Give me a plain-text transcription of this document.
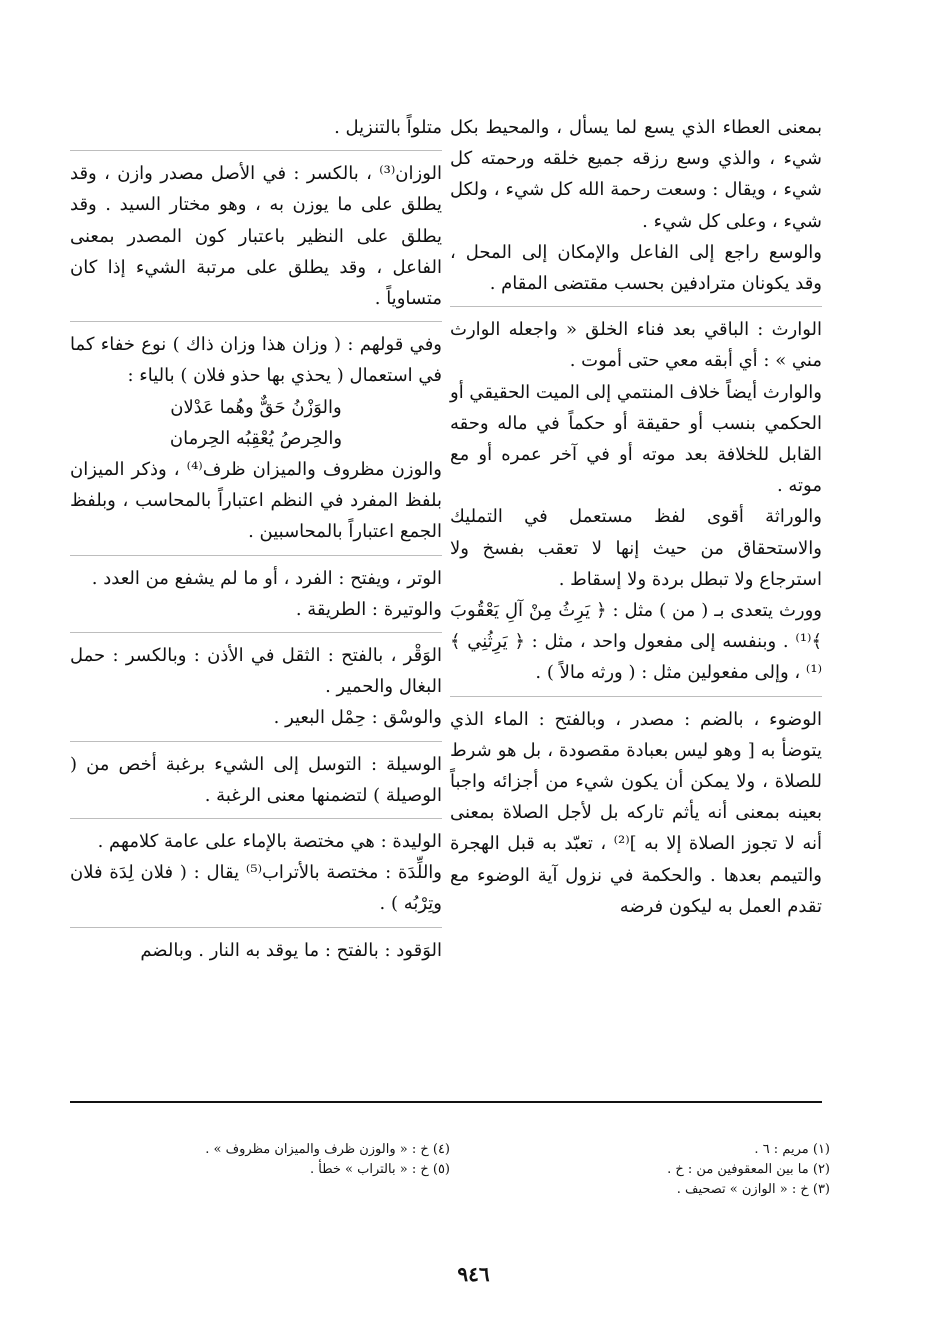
بمعنى العطاء الذي يسع لما يسأل ، والمحيط بكل شيء ، والذي وسع رزقه جميع خلقه ورحمته كل شيء ، ويقال : وسعت رحمة الله كل شيء ، ولكل شيء ، وعلى كل شيء .

والوسع راجع إلى الفاعل والإمكان إلى المحل ، وقد يكونان مترادفين بحسب مقتضى المقام .

الوارث : الباقي بعد فناء الخلق « واجعله الوارث مني » : أي أبقه معي حتى أموت .

والوارث أيضاً خلاف المنتمي إلى الميت الحقيقي أو الحكمي بنسب أو حقيقة أو حكماً في ماله وحقه القابل للخلافة بعد موته أو في آخر عمره أو مع موته .

والوراثة أقوى لفظ مستعمل في التمليك والاستحقاق من حيث إنها لا تعقب بفسخ ولا استرجاع ولا تبطل بردة ولا إسقاط .

وورث يتعدى بـ ( من ) مثل : ﴿ يَرِثُ مِنْ آلِ يَعْقُوبَ ﴾⁽¹⁾ . وبنفسه إلى مفعول واحد ، مثل : ﴿ يَرِثُنِي ﴾⁽¹⁾ ، وإلى مفعولين مثل : ( ورثه مالاً ) .

الوضوء ، بالضم : مصدر ، وبالفتح : الماء الذي يتوضأ به [ وهو ليس بعبادة مقصودة ، بل هو شرط للصلاة ، ولا يمكن أن يكون شيء من أجزائه واجباً بعينه بمعنى أنه يأثم تاركه بل لأجل الصلاة بمعنى أنه لا تجوز الصلاة إلا به ]⁽²⁾ ، تعبّد به قبل الهجرة والتيمم بعدها . والحكمة في نزول آية الوضوء مع تقدم العمل به ليكون فرضه

متلواً بالتنزيل .

الوزان⁽³⁾ ، بالكسر : في الأصل مصدر وازن ، وقد يطلق على ما يوزن به ، وهو مختار السيد . وقد يطلق على النظير باعتبار كون المصدر بمعنى الفاعل ، وقد يطلق على مرتبة الشيء إذا كان متساوياً .

وفي قولهم : ( وزان هذا وزان ذاك ) نوع خفاء كما في استعمال ( يحذي بها حذو فلان ) بالياء :

والوَزْنُ حَقٌّ وهُما عَدْلان

والحِرصُ يُعْقِبُه الحِرمان

والوزن مظروف والميزان ظرف⁽⁴⁾ ، وذكر الميزان بلفظ المفرد في النظم اعتباراً بالمحاسب ، وبلفظ الجمع اعتباراً بالمحاسبين .

الوتر ، ويفتح : الفرد ، أو ما لم يشفع من العدد .

والوتيرة : الطريقة .

الوَقْر ، بالفتح : الثقل في الأذن : وبالكسر : حمل البغال والحمير .

والوسْق : حِمْل البعير .

الوسيلة : التوسل إلى الشيء برغبة أخص من ( الوصيلة ) لتضمنها معنى الرغبة .

الوليدة : هي مختصة بالإماء على عامة كلامهم .

واللِّدَة : مختصة بالأتراب⁽⁵⁾ يقال : ( فلان لِدَة فلان وتِرْبُه ) .

الوَقود : بالفتح : ما يوقد به النار . وبالضم

(١) مريم : ٦ .
(٢) ما بين المعقوفين من : خ .
(٣) خ : « الوازن » تصحيف .
(٤) خ : « والوزن ظرف والميزان مظروف » .
(٥) خ : « بالتراب » خطأ .
٩٤٦
